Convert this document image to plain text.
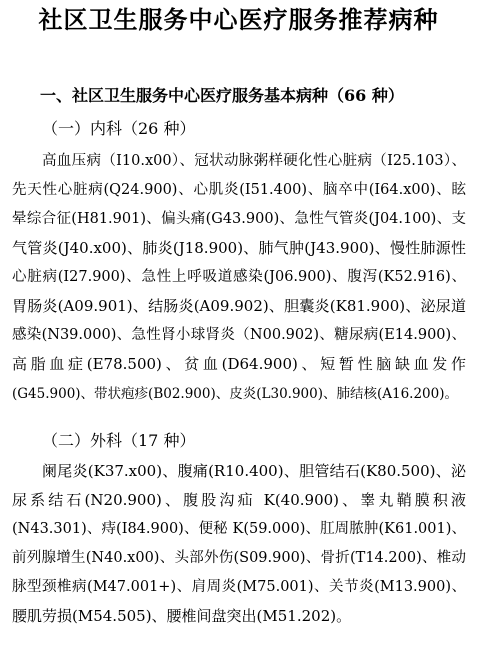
社区卫生服务中心医疗服务推荐病种
一、社区卫生服务中心医疗服务基本病种（66 种）
（一）内科（26 种）
高血压病（I10.x00）、冠状动脉粥样硬化性心脏病（I25.103）、
先天性心脏病(Q24.900)、心肌炎(I51.400)、脑卒中(I64.x00)、眩
晕综合征(H81.901)、偏头痛(G43.900)、急性气管炎(J04.100)、支
气管炎(J40.x00)、肺炎(J18.900)、肺气肿(J43.900)、慢性肺源性
心脏病(I27.900)、急性上呼吸道感染(J06.900)、腹泻(K52.916)、
胃肠炎(A09.901)、结肠炎(A09.902)、胆囊炎(K81.900)、泌尿道
感染(N39.000)、急性肾小球肾炎（N00.902)、糖尿病(E14.900)、
高脂血症(E78.500)、贫血(D64.900)、短暂性脑缺血发作
(G45.900)、带状疱疹(B02.900)、皮炎(L30.900)、肺结核(A16.200)。
（二）外科（17 种）
阑尾炎(K37.x00)、腹痛(R10.400)、胆管结石(K80.500)、泌
尿系结石(N20.900)、腹股沟疝 K(40.900)、睾丸鞘膜积液
(N43.301)、痔(I84.900)、便秘 K(59.000)、肛周脓肿(K61.001)、
前列腺增生(N40.x00)、头部外伤(S09.900)、骨折(T14.200)、椎动
脉型颈椎病(M47.001+)、肩周炎(M75.001)、关节炎(M13.900)、
腰肌劳损(M54.505)、腰椎间盘突出(M51.202)。
